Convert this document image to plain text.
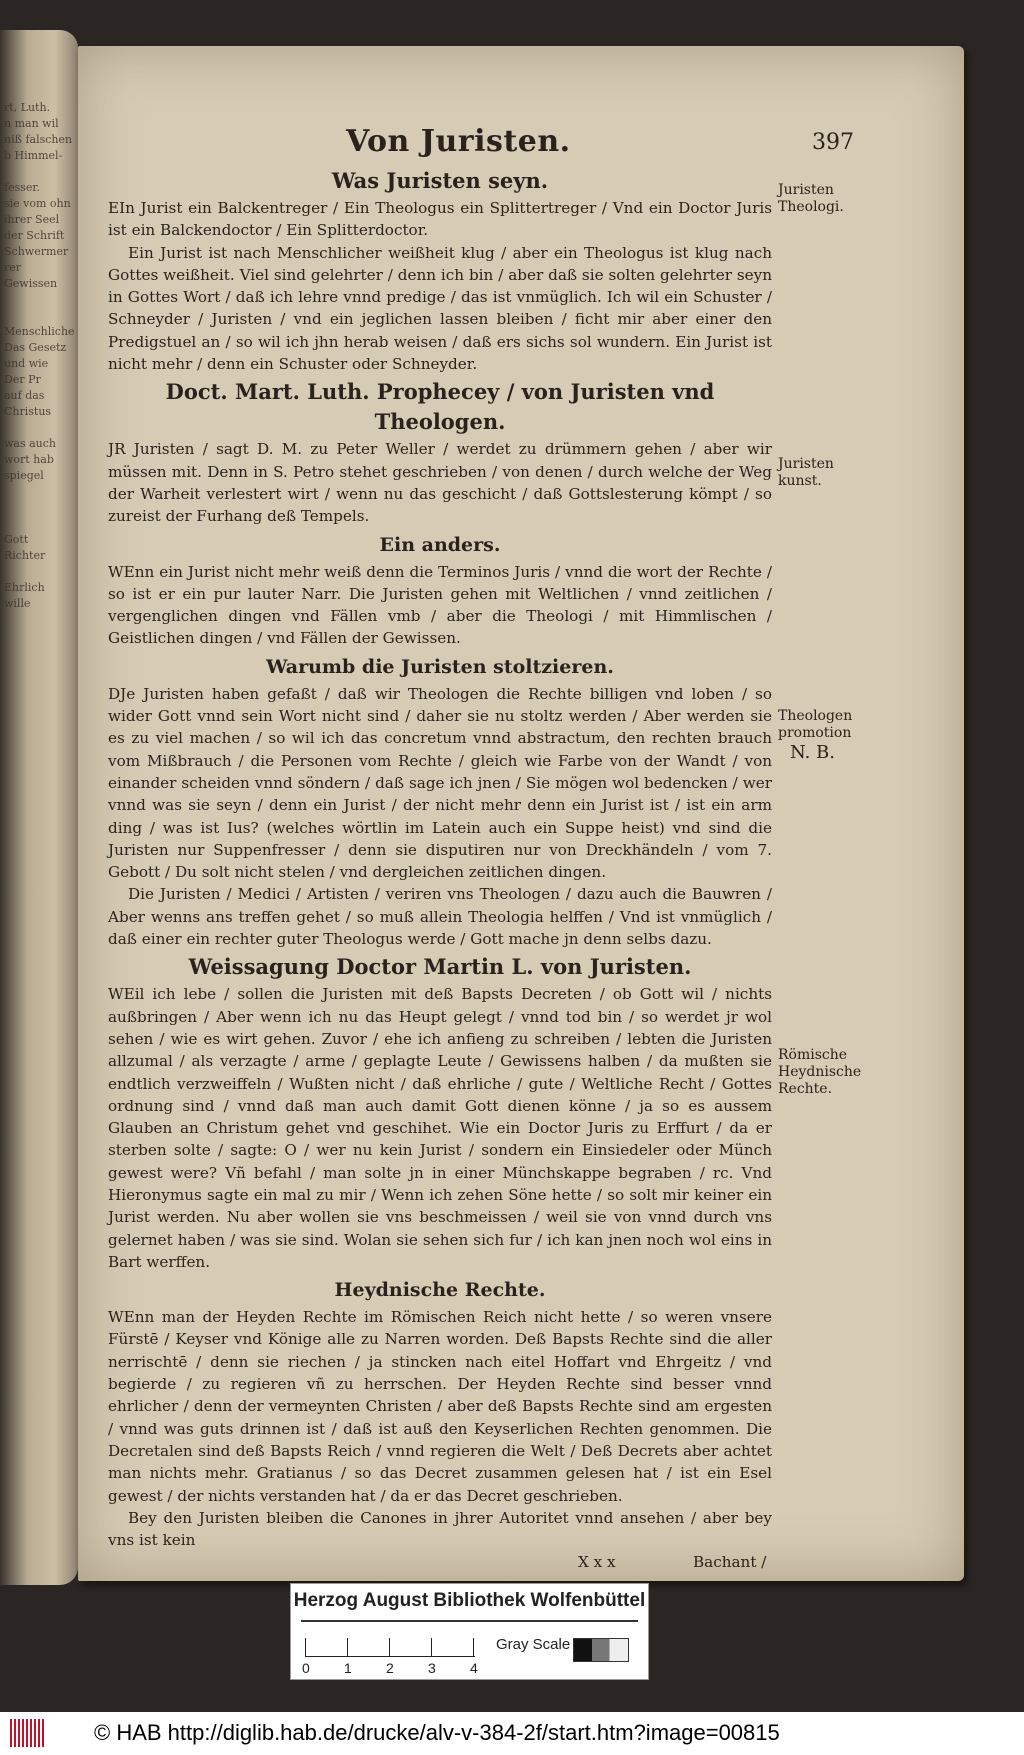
rt, Luth.
n man wil
niß falschen
b Himmel-

fesser.
sie vom ohn
ihrer Seel
der Schrift
Schwermer
rer Gewissen

Menschliche
Das Gesetz
und wie
Der Pr
auf das
Christus

was auch
wort hab
spiegel

Gott
Richter

Ehrlich
wille

Von Juristen.	397
Was Juristen seyn.

EIn Jurist ein Balckentreger / Ein Theologus ein Splittertreger / Vnd ein Doctor Juris ist ein Balckendoctor / Ein Splitterdoctor.

Ein Jurist ist nach Menschlicher weißheit klug / aber ein Theologus ist klug nach Gottes weißheit. Viel sind gelehrter / denn ich bin / aber daß sie solten gelehrter seyn in Gottes Wort / daß ich lehre vnnd predige / das ist vnmüglich. Ich wil ein Schuster / Schneyder / Juristen / vnd ein jeglichen lassen bleiben / ficht mir aber einer den Predigstuel an / so wil ich jhn herab weisen / daß ers sichs sol wundern. Ein Jurist ist nicht mehr / denn ein Schuster oder Schneyder.

Doct. Mart. Luth. Prophecey / von Juristen vnd Theologen.

JR Juristen / sagt D. M. zu Peter Weller / werdet zu drümmern gehen / aber wir müssen mit. Denn in S. Petro stehet geschrieben / von denen / durch welche der Weg der Warheit verlestert wirt / wenn nu das geschicht / daß Gottslesterung kömpt / so zureist der Furhang deß Tempels.

Ein anders.

WEnn ein Jurist nicht mehr weiß denn die Terminos Juris / vnnd die wort der Rechte / so ist er ein pur lauter Narr. Die Juristen gehen mit Weltlichen / vnnd zeitlichen / vergenglichen dingen vnd Fällen vmb / aber die Theologi / mit Himmlischen / Geistlichen dingen / vnd Fällen der Gewissen.

Warumb die Juristen stoltzieren.

DJe Juristen haben gefaßt / daß wir Theologen die Rechte billigen vnd loben / so wider Gott vnnd sein Wort nicht sind / daher sie nu stoltz werden / Aber werden sie es zu viel machen / so wil ich das concretum vnnd abstractum, den rechten brauch vom Mißbrauch / die Personen vom Rechte / gleich wie Farbe von der Wandt / von einander scheiden vnnd söndern / daß sage ich jnen / Sie mögen wol bedencken / wer vnnd was sie seyn / denn ein Jurist / der nicht mehr denn ein Jurist ist / ist ein arm ding / was ist Ius? (welches wörtlin im Latein auch ein Suppe heist) vnd sind die Juristen nur Suppenfresser / denn sie disputiren nur von Dreckhändeln / vom 7. Gebott / Du solt nicht stelen / vnd dergleichen zeitlichen dingen.

Die Juristen / Medici / Artisten / veriren vns Theologen / dazu auch die Bauwren / Aber wenns ans treffen gehet / so muß allein Theologia helffen / Vnd ist vnmüglich / daß einer ein rechter guter Theologus werde / Gott mache jn denn selbs dazu.

Weissagung Doctor Martin L. von Juristen.

WEil ich lebe / sollen die Juristen mit deß Bapsts Decreten / ob Gott wil / nichts außbringen / Aber wenn ich nu das Heupt gelegt / vnnd tod bin / so werdet jr wol sehen / wie es wirt gehen. Zuvor / ehe ich anfieng zu schreiben / lebten die Juristen allzumal / als verzagte / arme / geplagte Leute / Gewissens halben / da mußten sie endtlich verzweiffeln / Wußten nicht / daß ehrliche / gute / Weltliche Recht / Gottes ordnung sind / vnnd daß man auch damit Gott dienen könne / ja so es aussem Glauben an Christum gehet vnd geschihet. Wie ein Doctor Juris zu Erffurt / da er sterben solte / sagte: O / wer nu kein Jurist / sondern ein Einsiedeler oder Münch gewest were? Vñ befahl / man solte jn in einer Münchskappe begraben / rc. Vnd Hieronymus sagte ein mal zu mir / Wenn ich zehen Söne hette / so solt mir keiner ein Jurist werden. Nu aber wollen sie vns beschmeissen / weil sie von vnnd durch vns gelernet haben / was sie sind. Wolan sie sehen sich fur / ich kan jnen noch wol eins in Bart werffen.

Heydnische Rechte.

WEnn man der Heyden Rechte im Römischen Reich nicht hette / so weren vnsere Fürstē / Keyser vnd Könige alle zu Narren worden. Deß Bapsts Rechte sind die aller nerrischtē / denn sie riechen / ja stincken nach eitel Hoffart vnd Ehrgeitz / vnd begierde / zu regieren vñ zu herrschen. Der Heyden Rechte sind besser vnnd ehrlicher / denn der vermeynten Christen / aber deß Bapsts Rechte sind am ergesten / vnnd was guts drinnen ist / daß ist auß den Keyserlichen Rechten genommen. Die Decretalen sind deß Bapsts Reich / vnnd regieren die Welt / Deß Decrets aber achtet man nichts mehr. Gratianus / so das Decret zusammen gelesen hat / ist ein Esel gewest / der nichts verstanden hat / da er das Decret geschrieben.

Bey den Juristen bleiben die Canones in jhrer Autoritet vnnd ansehen / aber bey vns ist kein

X x x	Bachant /
Juristen Theologi.
Juristen kunst.
Theologen promotion
N. B.
Römische Heydnische Rechte.
Herzog August Bibliothek Wolfenbüttel
0 1 2 3 4
Gray Scale
© HAB http://diglib.hab.de/drucke/alv-v-384-2f/start.htm?image=00815
